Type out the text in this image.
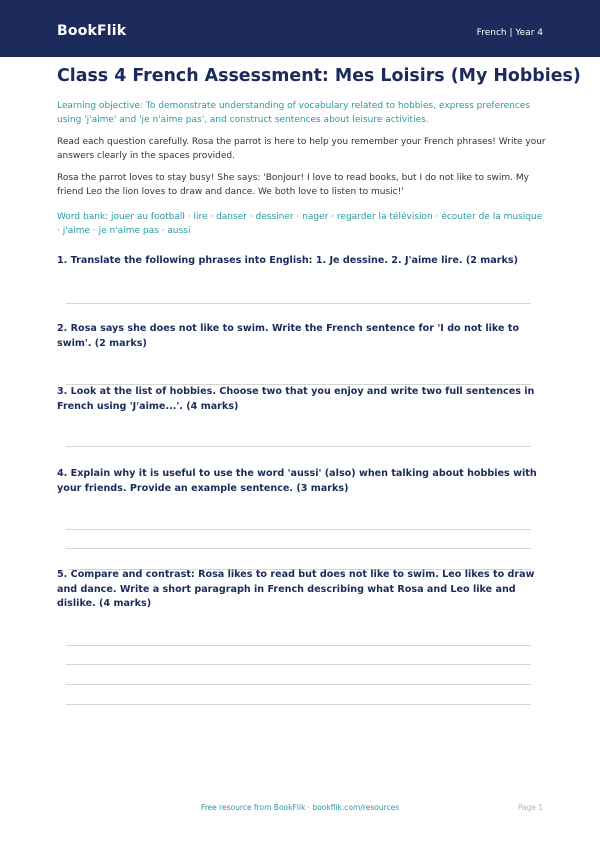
BookFlik	French | Year 4
Class 4 French Assessment: Mes Loisirs (My Hobbies)
Learning objective: To demonstrate understanding of vocabulary related to hobbies, express preferences using 'j'aime' and 'je n'aime pas', and construct sentences about leisure activities.
Read each question carefully. Rosa the parrot is here to help you remember your French phrases! Write your answers clearly in the spaces provided.
Rosa the parrot loves to stay busy! She says: 'Bonjour! I love to read books, but I do not like to swim. My friend Leo the lion loves to draw and dance. We both love to listen to music!'
Word bank: jouer au football · lire · danser · dessiner · nager · regarder la télévision · écouter de la musique · j'aime · je n'aime pas · aussi
1. Translate the following phrases into English: 1. Je dessine. 2. J'aime lire. (2 marks)
2. Rosa says she does not like to swim. Write the French sentence for 'I do not like to swim'. (2 marks)
3. Look at the list of hobbies. Choose two that you enjoy and write two full sentences in French using 'J'aime...'. (4 marks)
4. Explain why it is useful to use the word 'aussi' (also) when talking about hobbies with your friends. Provide an example sentence. (3 marks)
5. Compare and contrast: Rosa likes to read but does not like to swim. Leo likes to draw and dance. Write a short paragraph in French describing what Rosa and Leo like and dislike. (4 marks)
Free resource from BookFlik · bookflik.com/resources	Page 1
